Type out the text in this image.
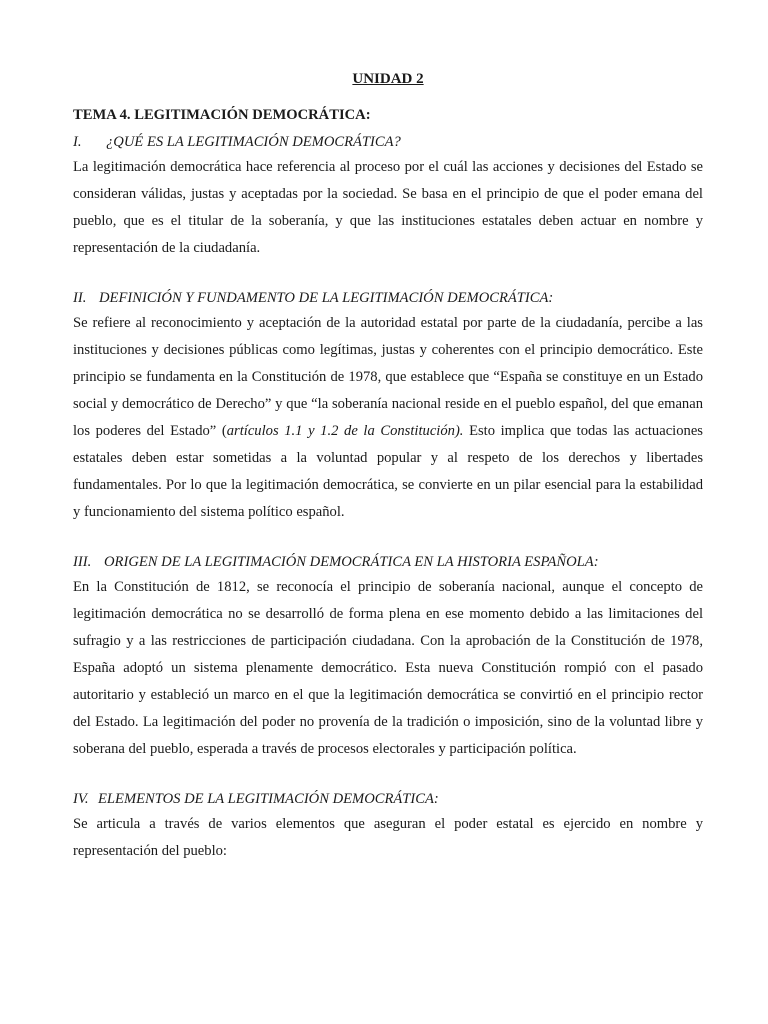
UNIDAD 2
TEMA 4. LEGITIMACIÓN DEMOCRÁTICA:
I. ¿QUÉ ES LA LEGITIMACIÓN DEMOCRÁTICA?

La legitimación democrática hace referencia al proceso por el cuál las acciones y decisiones del Estado se consideran válidas, justas y aceptadas por la sociedad. Se basa en el principio de que el poder emana del pueblo, que es el titular de la soberanía, y que las instituciones estatales deben actuar en nombre y representación de la ciudadanía.

II. DEFINICIÓN Y FUNDAMENTO DE LA LEGITIMACIÓN DEMOCRÁTICA:

Se refiere al reconocimiento y aceptación de la autoridad estatal por parte de la ciudadanía, percibe a las instituciones y decisiones públicas como legítimas, justas y coherentes con el principio democrático. Este principio se fundamenta en la Constitución de 1978, que establece que “España se constituye en un Estado social y democrático de Derecho” y que “la soberanía nacional reside en el pueblo español, del que emanan los poderes del Estado” (artículos 1.1 y 1.2 de la Constitución). Esto implica que todas las actuaciones estatales deben estar sometidas a la voluntad popular y al respeto de los derechos y libertades fundamentales. Por lo que la legitimación democrática, se convierte en un pilar esencial para la estabilidad y funcionamiento del sistema político español.

III. ORIGEN DE LA LEGITIMACIÓN DEMOCRÁTICA EN LA HISTORIA ESPAÑOLA:

En la Constitución de 1812, se reconocía el principio de soberanía nacional, aunque el concepto de legitimación democrática no se desarrolló de forma plena en ese momento debido a las limitaciones del sufragio y a las restricciones de participación ciudadana. Con la aprobación de la Constitución de 1978, España adoptó un sistema plenamente democrático. Esta nueva Constitución rompió con el pasado autoritario y estableció un marco en el que la legitimación democrática se convirtió en el principio rector del Estado. La legitimación del poder no provenía de la tradición o imposición, sino de la voluntad libre y soberana del pueblo, esperada a través de procesos electorales y participación política.

IV. ELEMENTOS DE LA LEGITIMACIÓN DEMOCRÁTICA:

Se articula a través de varios elementos que aseguran el poder estatal es ejercido en nombre y representación del pueblo:
